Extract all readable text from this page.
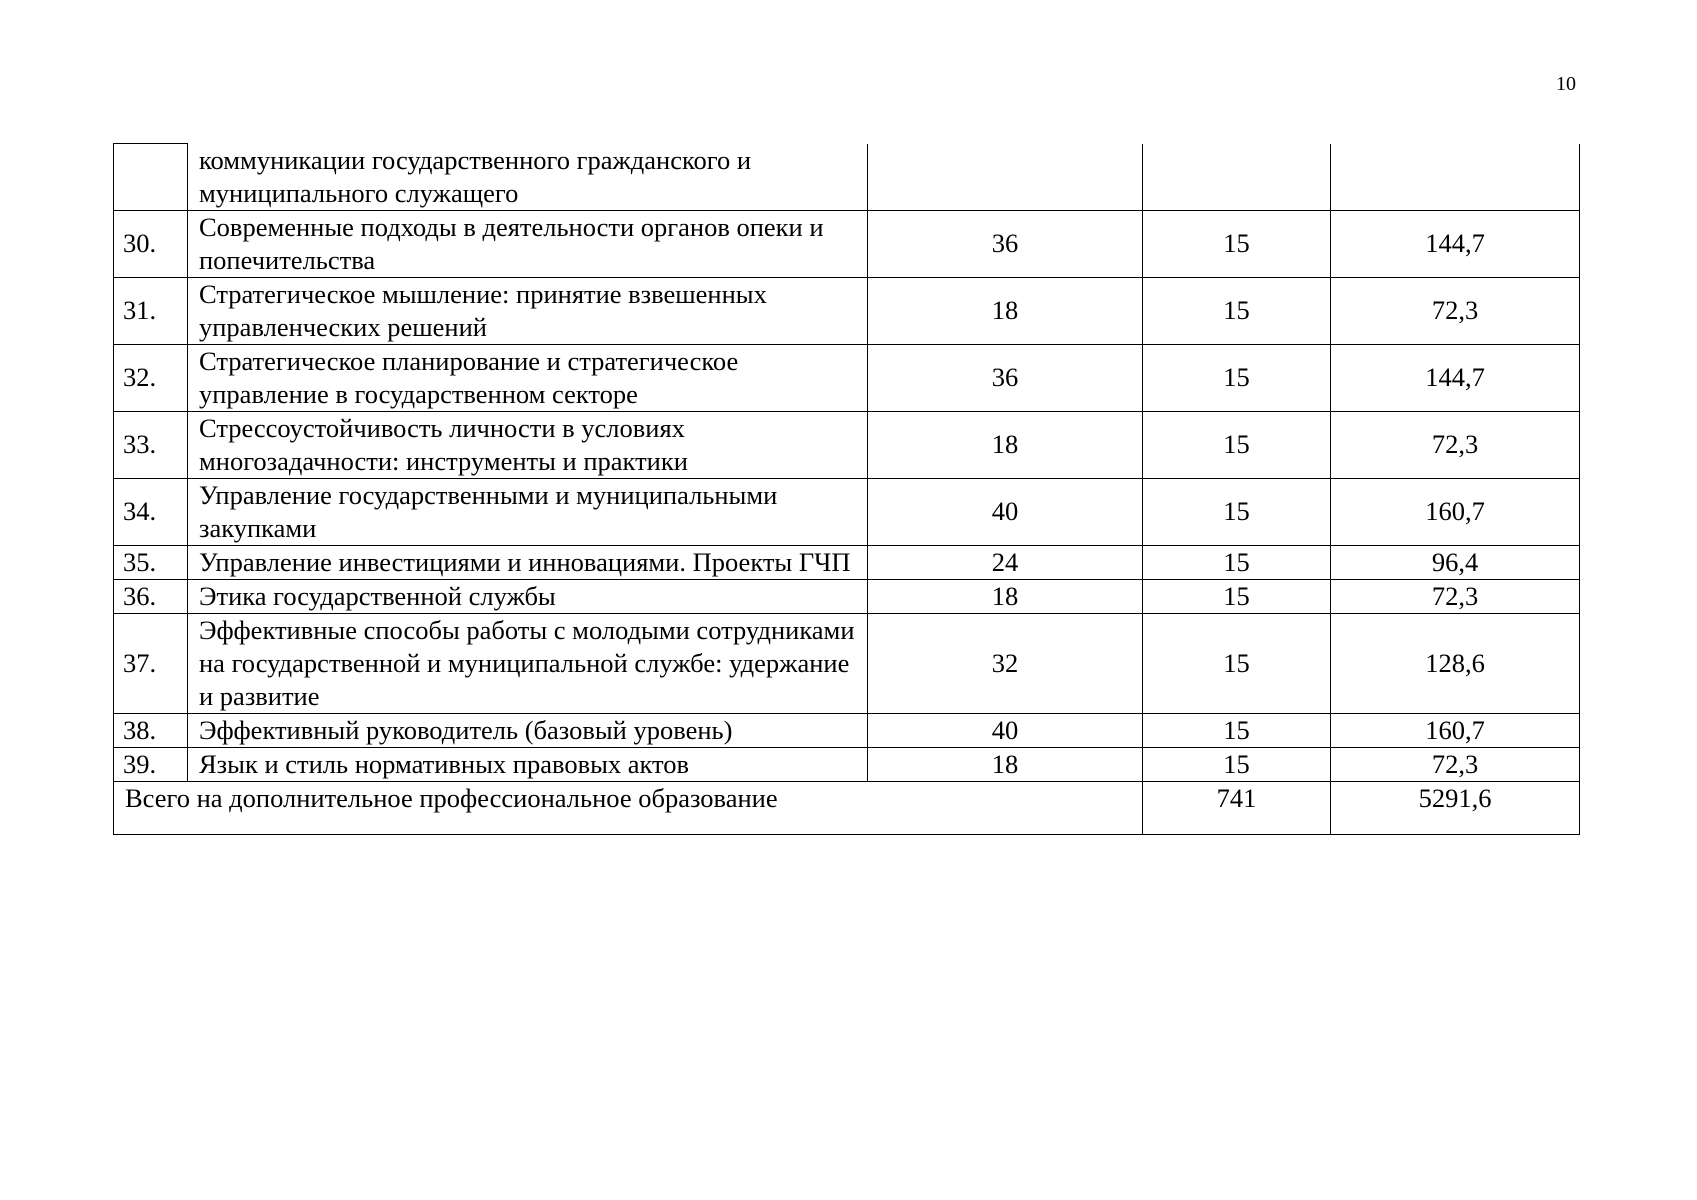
10
	коммуникации государственного гражданского и муниципального служащего			
30.	Современные подходы в деятельности органов опеки и попечительства	36	15	144,7
31.	Стратегическое мышление: принятие взвешенных управленческих решений	18	15	72,3
32.	Стратегическое планирование и стратегическое управление в государственном секторе	36	15	144,7
33.	Стрессоустойчивость личности в условиях многозадачности: инструменты и практики	18	15	72,3
34.	Управление государственными и муниципальными закупками	40	15	160,7
35.	Управление инвестициями и инновациями. Проекты ГЧП	24	15	96,4
36.	Этика государственной службы	18	15	72,3
37.	Эффективные способы работы с молодыми сотрудниками на государственной и муниципальной службе: удержание и развитие	32	15	128,6
38.	Эффективный руководитель (базовый уровень)	40	15	160,7
39.	Язык и стиль нормативных правовых актов	18	15	72,3
Всего на дополнительное профессиональное образование			741	5291,6
